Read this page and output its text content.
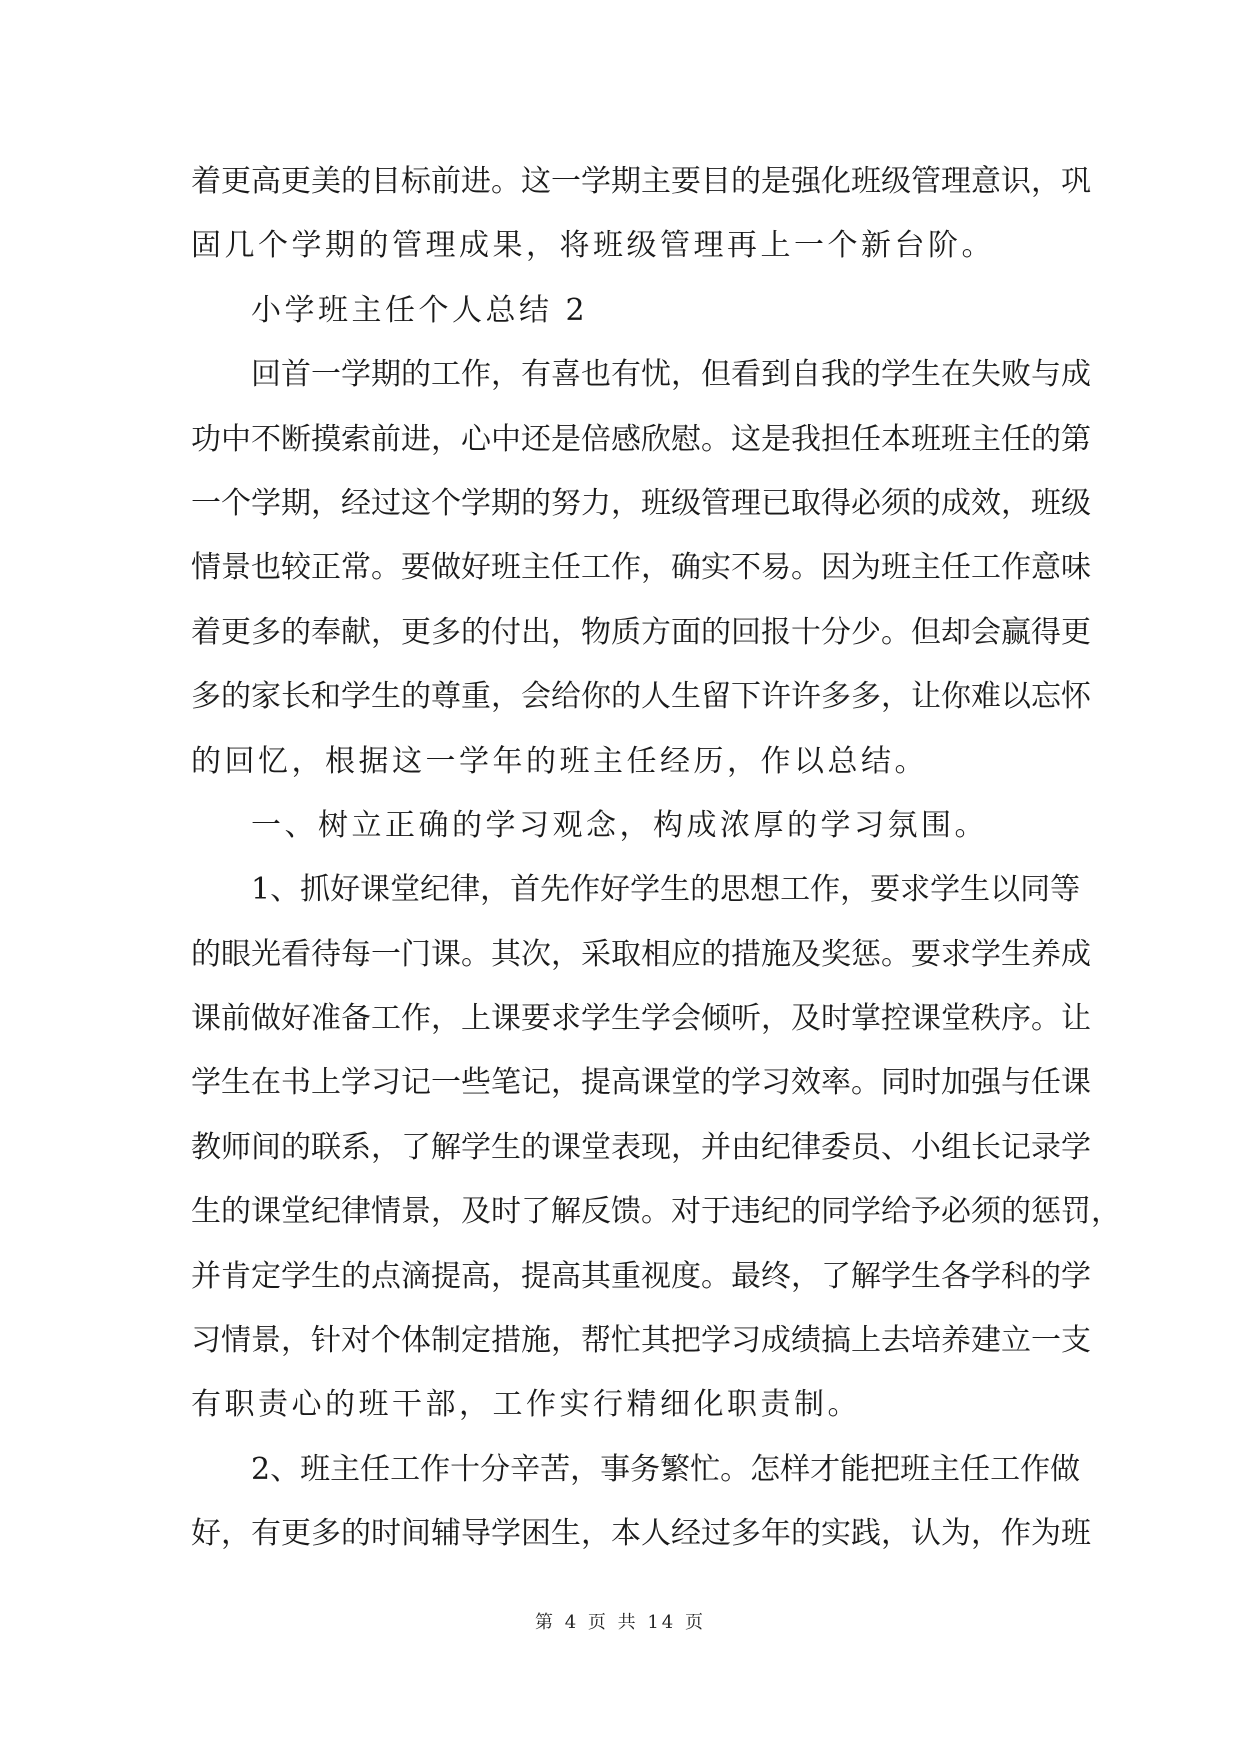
着更高更美的目标前进。这一学期主要目的是强化班级管理意识，巩
固几个学期的管理成果，将班级管理再上一个新台阶。
小学班主任个人总结 2
回首一学期的工作，有喜也有忧，但看到自我的学生在失败与成
功中不断摸索前进，心中还是倍感欣慰。这是我担任本班班主任的第
一个学期，经过这个学期的努力，班级管理已取得必须的成效，班级
情景也较正常。要做好班主任工作，确实不易。因为班主任工作意味
着更多的奉献，更多的付出，物质方面的回报十分少。但却会赢得更
多的家长和学生的尊重，会给你的人生留下许许多多，让你难以忘怀
的回忆，根据这一学年的班主任经历，作以总结。
一、树立正确的学习观念，构成浓厚的学习氛围。
1、抓好课堂纪律，首先作好学生的思想工作，要求学生以同等
的眼光看待每一门课。其次，采取相应的措施及奖惩。要求学生养成
课前做好准备工作，上课要求学生学会倾听，及时掌控课堂秩序。让
学生在书上学习记一些笔记，提高课堂的学习效率。同时加强与任课
教师间的联系，了解学生的课堂表现，并由纪律委员、小组长记录学
生的课堂纪律情景，及时了解反馈。对于违纪的同学给予必须的惩罚，
并肯定学生的点滴提高，提高其重视度。最终，了解学生各学科的学
习情景，针对个体制定措施，帮忙其把学习成绩搞上去培养建立一支
有职责心的班干部，工作实行精细化职责制。
2、班主任工作十分辛苦，事务繁忙。怎样才能把班主任工作做
好，有更多的时间辅导学困生，本人经过多年的实践，认为，作为班
第 4 页 共 14 页
